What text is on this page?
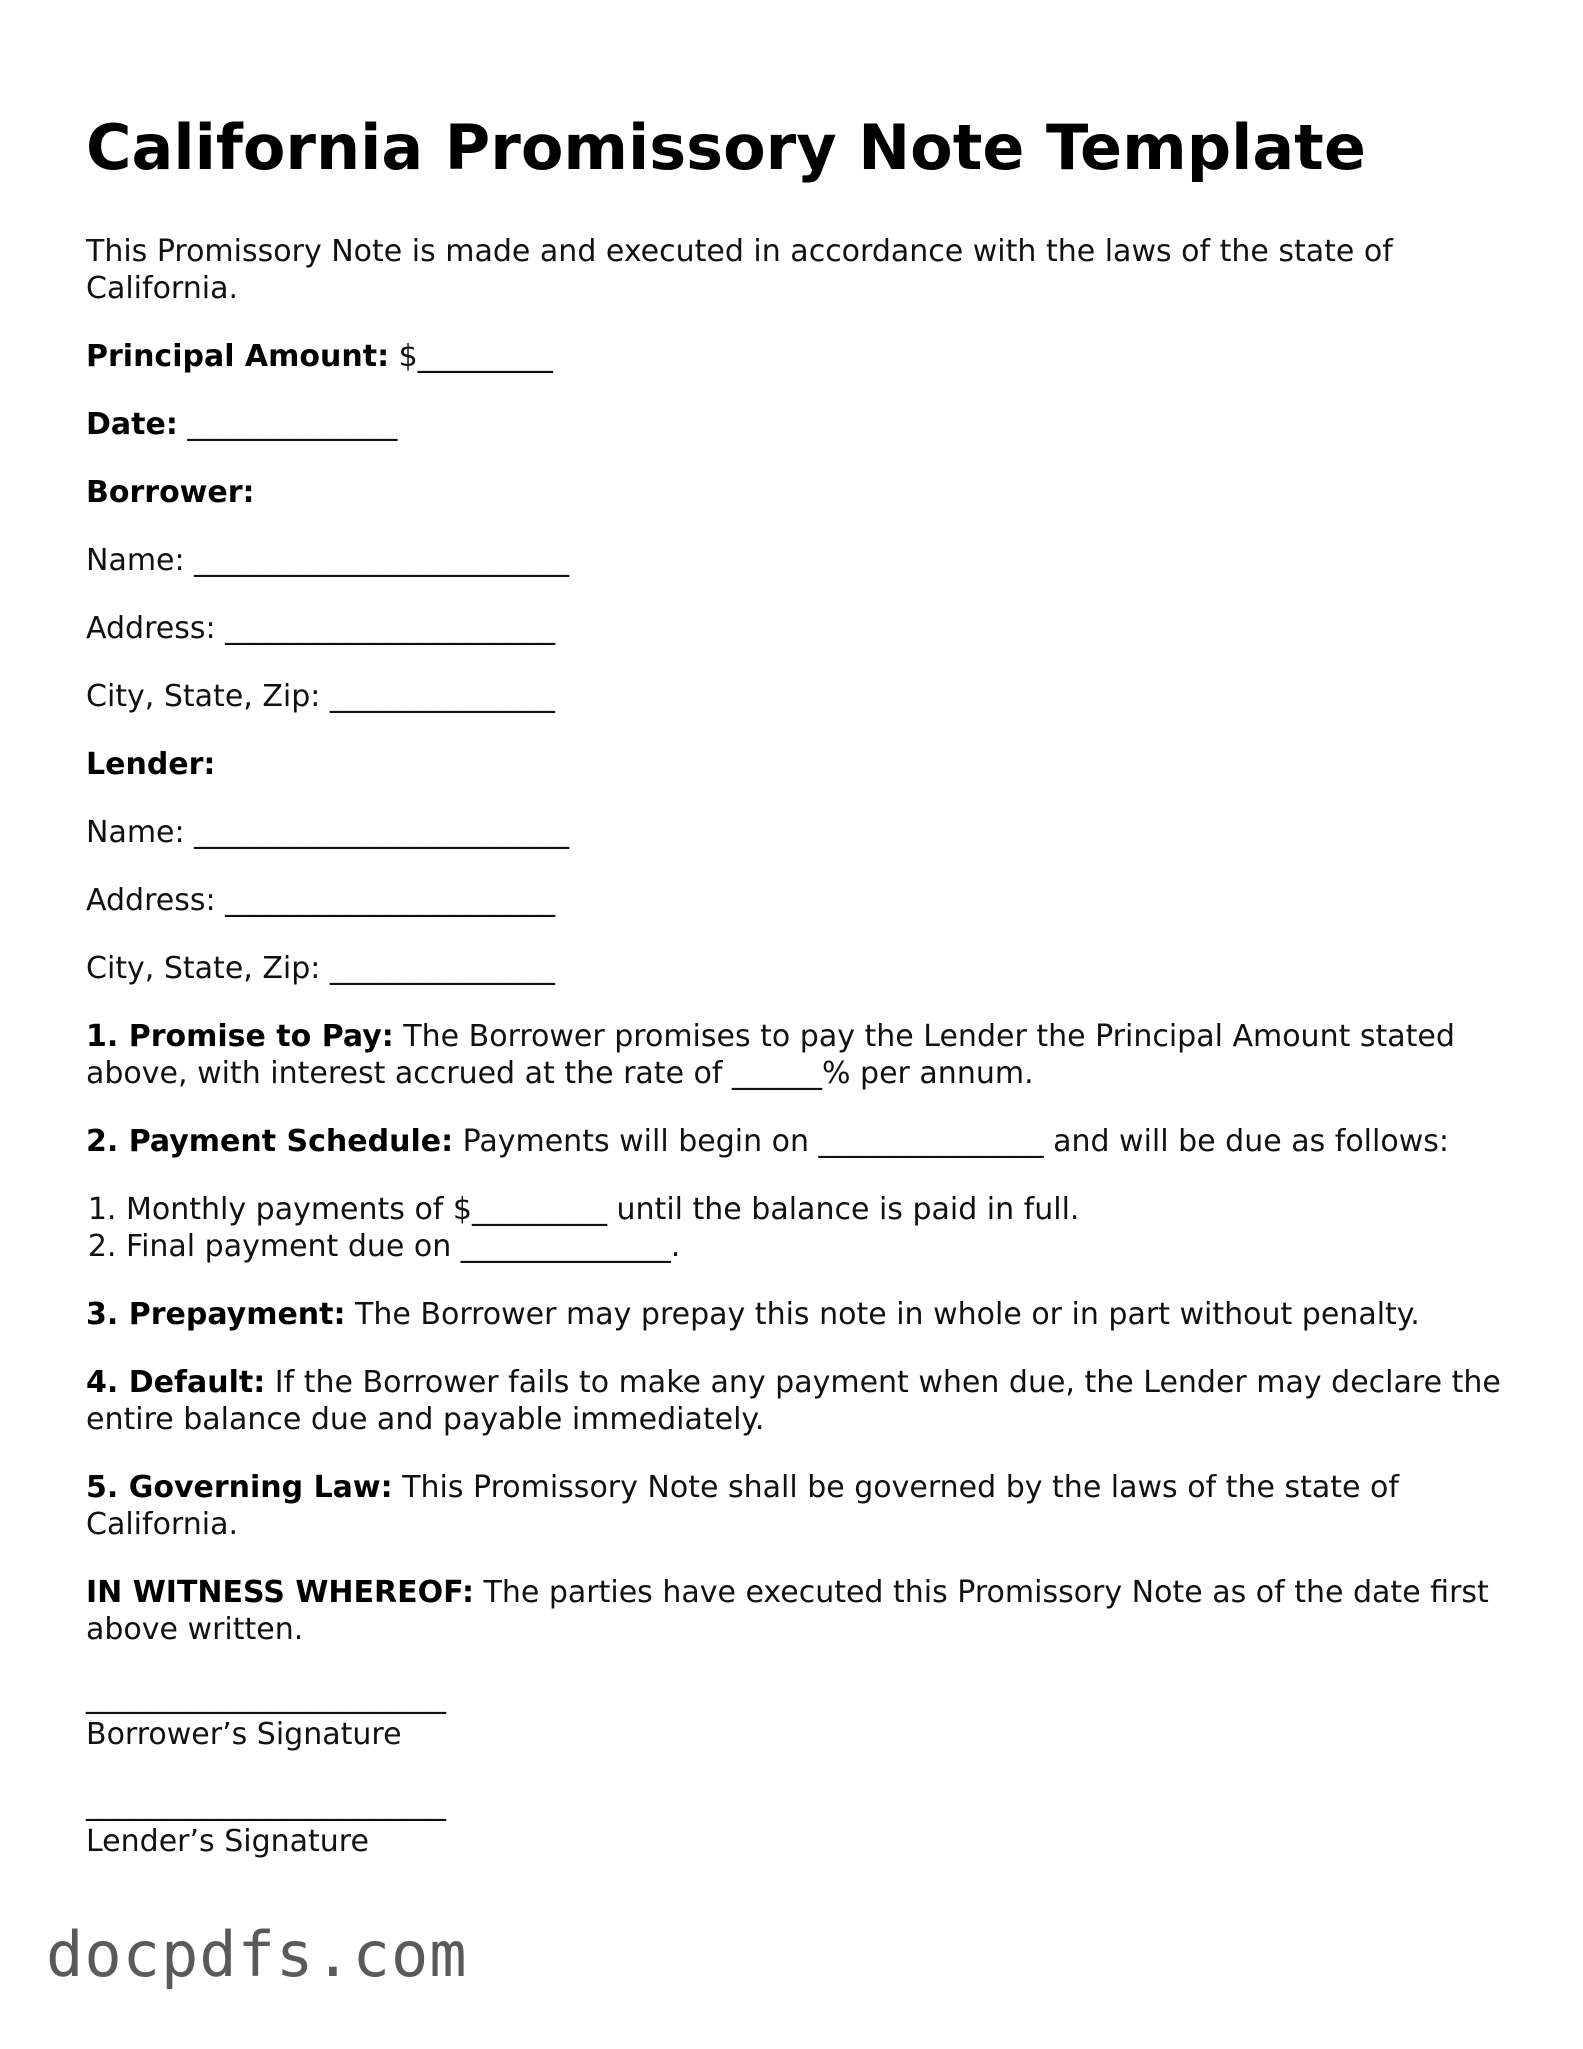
California Promissory Note Template

This Promissory Note is made and executed in accordance with the laws of the state of California.

Principal Amount: $_________

Date: ______________

Borrower:

Name: _________________________

Address: ______________________

City, State, Zip: _______________

Lender:

Name: _________________________

Address: ______________________

City, State, Zip: _______________

1. Promise to Pay: The Borrower promises to pay the Lender the Principal Amount stated above, with interest accrued at the rate of ______% per annum.

2. Payment Schedule: Payments will begin on _______________ and will be due as follows:

1. Monthly payments of $_________ until the balance is paid in full.
2. Final payment due on ______________.

3. Prepayment: The Borrower may prepay this note in whole or in part without penalty.

4. Default: If the Borrower fails to make any payment when due, the Lender may declare the entire balance due and payable immediately.

5. Governing Law: This Promissory Note shall be governed by the laws of the state of California.

IN WITNESS WHEREOF: The parties have executed this Promissory Note as of the date first above written.

________________________
Borrower’s Signature
________________________
Lender’s Signature
docpdfs.com
